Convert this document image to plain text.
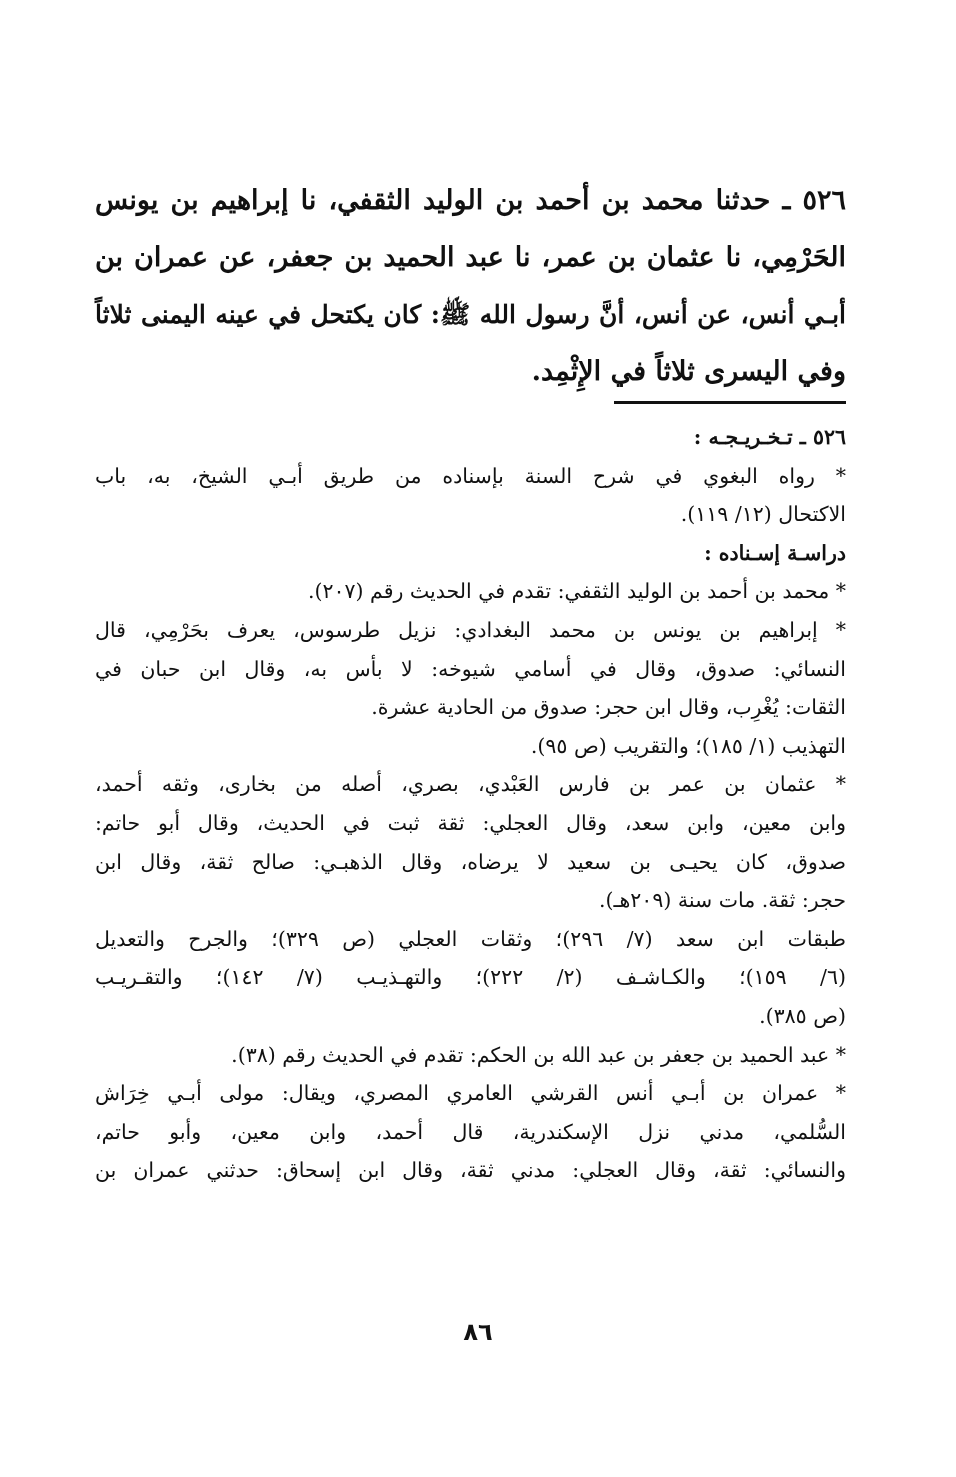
٥٢٦ ـ حدثنا محمد بن أحمد بن الوليد الثقفي، نا إبراهيم بن يونس
الحَرْمِي، نا عثمان بن عمر، نا عبد الحميد بن جعفر، عن عمران بن
أبـي أنس، عن أنس، أنَّ رسول الله ﷺ: كان يكتحل في عينه اليمنى ثلاثاً
وفي اليسرى ثلاثاً في الإِثْمِد.
٥٢٦ ـ تـخـريـجـه :
* رواه البغوي في شرح السنة بإسناده من طريق أبـي الشيخ، به، باب
الاكتحال (١٢/ ١١٩).
دراسـة إسـناده :
* محمد بن أحمد بن الوليد الثقفي: تقدم في الحديث رقم (٢٠٧).
* إبراهيم بن يونس بن محمد البغدادي: نزيل طرسوس، يعرف بحَرْمِي، قال
النسائي: صدوق، وقال في أسامي شيوخه: لا بأس به، وقال ابن حبان في
الثقات: يُغْرِب، وقال ابن حجر: صدوق من الحادية عشرة.
التهذيب (١/ ١٨٥)؛ والتقريب (ص ٩٥).
* عثمان بن عمر بن فارس العَبْدي، بصري، أصله من بخارى، وثقه أحمد،
وابن معين، وابن سعد، وقال العجلي: ثقة ثبت في الحديث، وقال أبو حاتم:
صدوق، كان يحيـى بن سعيد لا يرضاه، وقال الذهبـي: صالح ثقة، وقال ابن
حجر: ثقة. مات سنة (٢٠٩هـ).
طبقات ابن سعد (٧/ ٢٩٦)؛ وثقات العجلي (ص ٣٢٩)؛ والجرح والتعديل
(٦/ ١٥٩)؛ والكـاشـف (٢/ ٢٢٢)؛ والتهـذيـب (٧/ ١٤٢)؛ والتقـريـب
(ص ٣٨٥).
* عبد الحميد بن جعفر بن عبد الله بن الحكم: تقدم في الحديث رقم (٣٨).
* عمران بن أبـي أنس القرشي العامري المصري، ويقال: مولى أبـي خِرَاش
السُّلمي، مدني نزل الإسكندرية، قال أحمد، وابن معين، وأبو حاتم،
والنسائي: ثقة، وقال العجلي: مدني ثقة، وقال ابن إسحاق: حدثني عمران بن
٨٦
